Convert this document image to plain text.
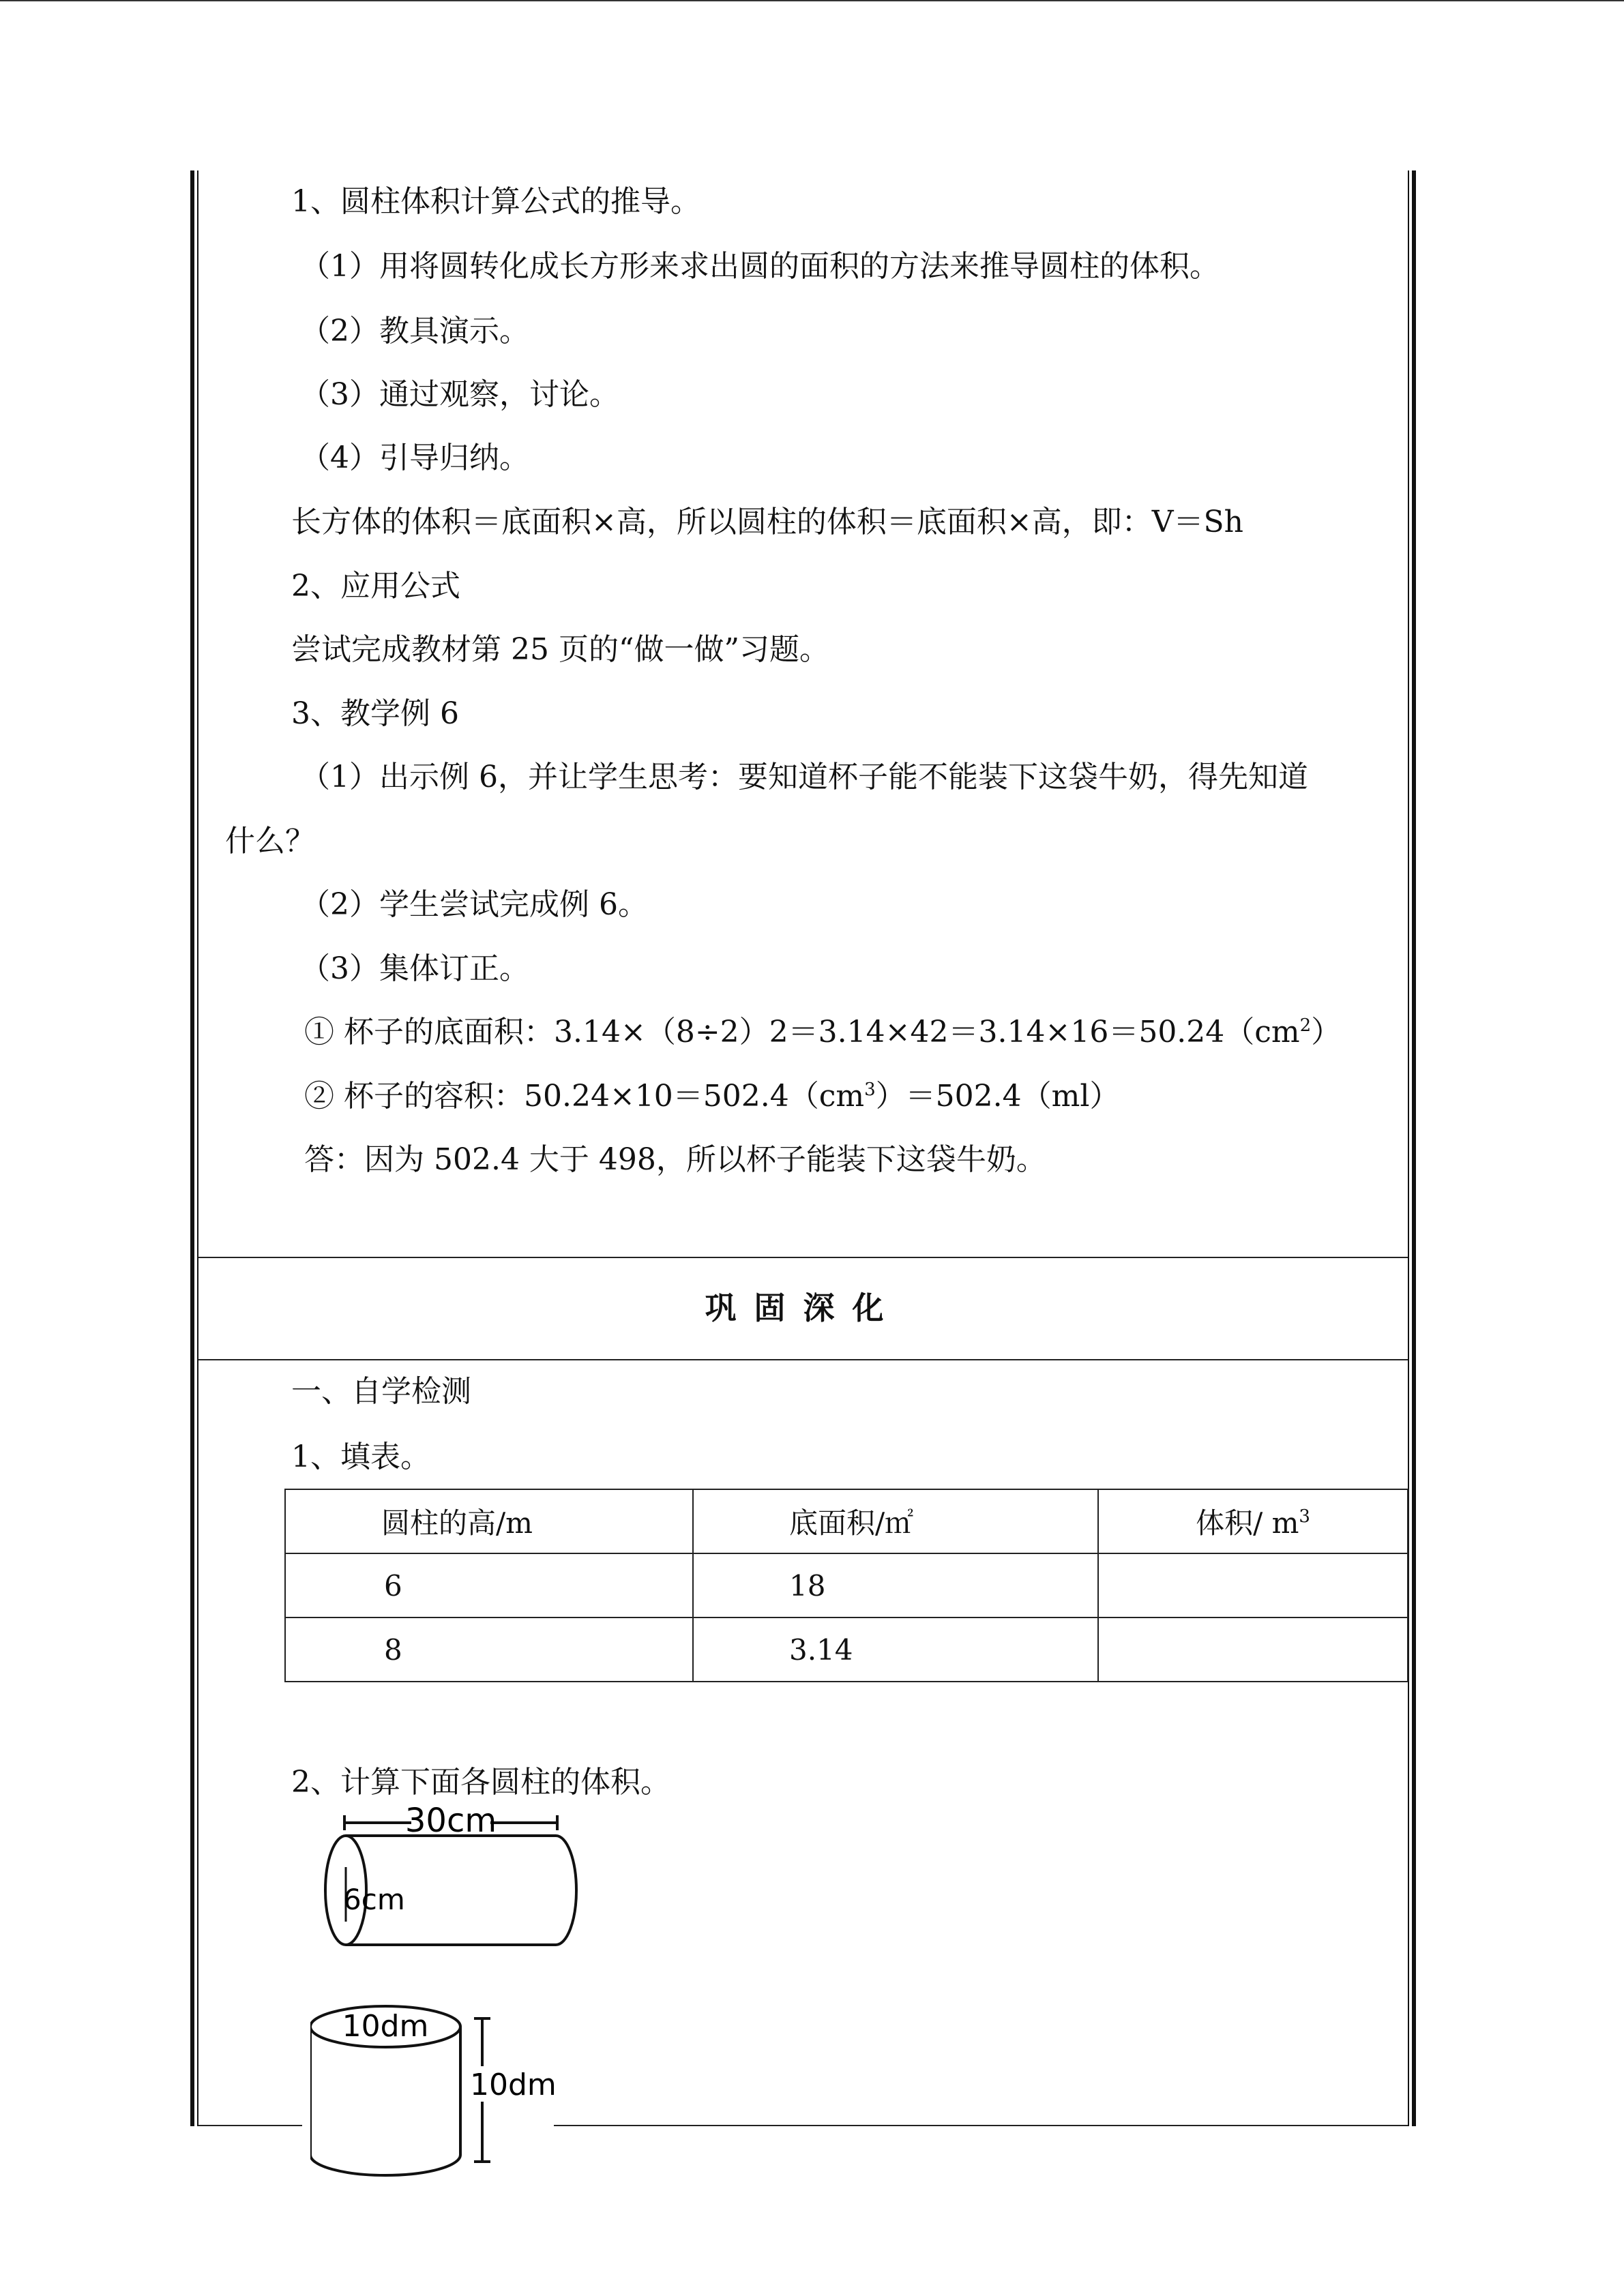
1、圆柱体积计算公式的推导。
（1）用将圆转化成长方形来求出圆的面积的方法来推导圆柱的体积。
（2）教具演示。
（3）通过观察，讨论。
（4）引导归纳。
长方体的体积＝底面积×高，所以圆柱的体积＝底面积×高，即：V＝Sh
2、应用公式
尝试完成教材第 25 页的“做一做”习题。
3、教学例 6
（1）出示例 6，并让学生思考：要知道杯子能不能装下这袋牛奶，得先知道
什么？
（2）学生尝试完成例 6。
（3）集体订正。
① 杯子的底面积：$3.14\times(8\div 2)2=3.14\times 42=3.14\times 16=50.24(cm^2)$
② 杯子的容积：$50.24\times 10=502.4(cm^3)=502.4(ml)$
答：因为 502.4 大于 498，所以杯子能装下这袋牛奶。
巩固深化
一、自学检测
1、填表。
圆柱的高/m	底面积/㎡	体积/ $m^3$
6	18	
8	3.14	
2、计算下面各圆柱的体积。
30cm
6cm
10dm
10dm
